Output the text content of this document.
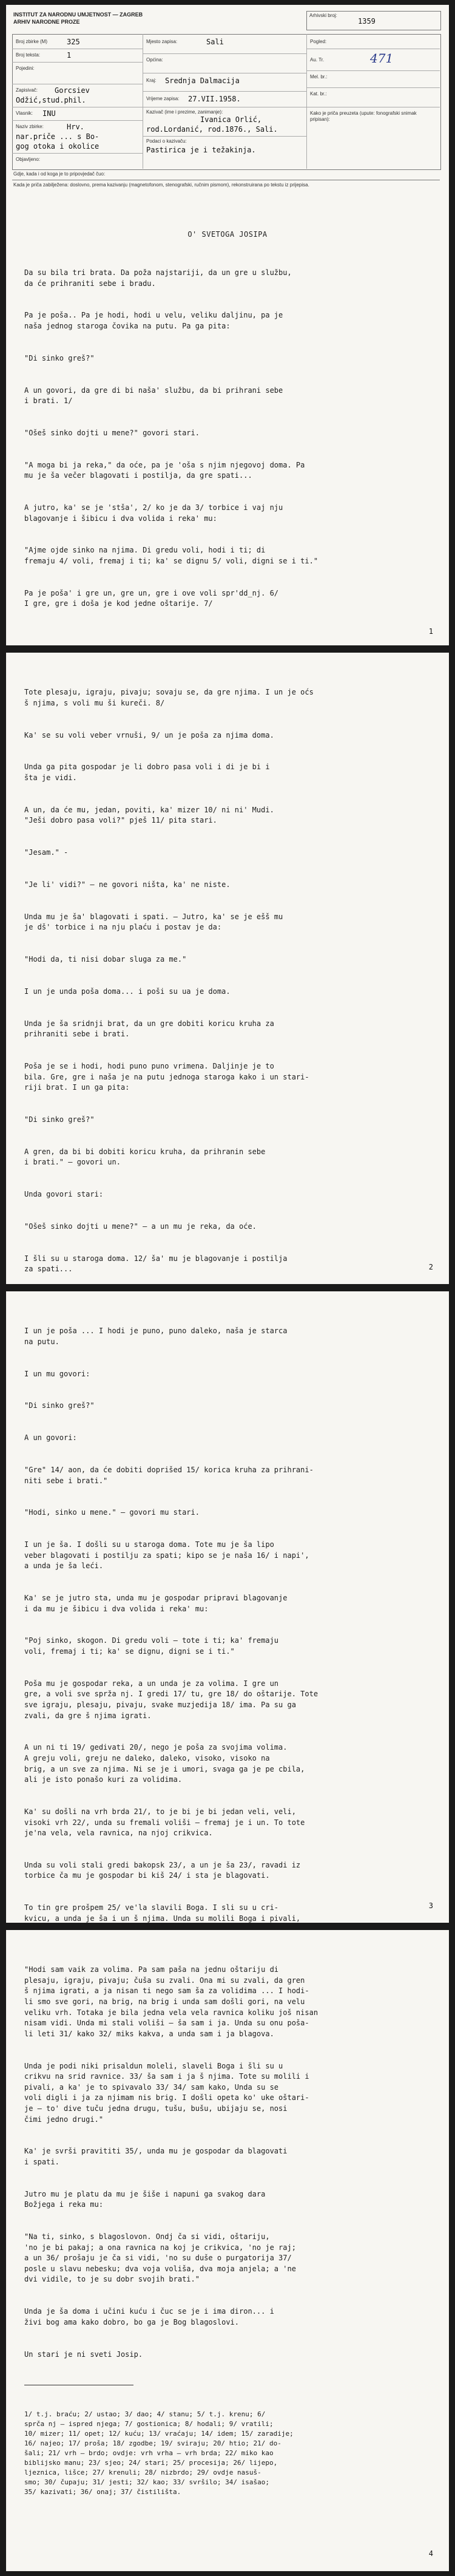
INSTITUT ZA NARODNU UMJETNOST — ZAGREB
ARHIV NARODNE PROZE
Arhivski broj:
1359
Broj zbirke (M)	325
Broj teksta:	1
Pojedini:
Zapisivač: Gorcsiev
Odžić,stud.phil.
Vlasnik: INU
Naziv zbirke:	Hrv.
nar.priče ... s Bo-
gog otoka i okolice
Objavljeno:
Mjesto zapisa:	Sali
Općina:
Kraj: Srednja Dalmacija
Vrijeme zapisa: 27.VII.1958.
Kazivač (ime i prezime, zanimanje):
Ivanica Orlić,
rod.Lordanić, rod.1876., Sali.
Podaci o kazivaču:
Pastirica je i težakinja.
Pogled:
Au. Tr.	471
Mel. br.:
Kat. br.:
Kako je priča preuzeta (upute: fonografski snimak pripisan):
Gdje, kada i od koga je to pripovjedač čuo:
Kada je priča zabilježena: doslovno, prema kazivanju (magnetofonom, stenografski, ručnim pismom), rekonstruirana po tekstu iz prijepisa.

O' SVETOGA JOSIPA

Da su bila tri brata. Da poža najstariji, da un gre u službu,
da će prihraniti sebe i bradu.

Pa je poša.. Pa je hodi, hodi u velu, veliku daljinu, pa je
naša jednog staroga čovika na putu. Pa ga pita:

"Di sinko greš?"

A un govori, da gre di bi naša' službu, da bi prihrani sebe
i brati. 1/

"Ošeš sinko dojti u mene?" govori stari.

"A moga bi ja reka," da oće, pa je 'oša s njim njegovoj doma. Pa
mu je ša večer blagovati i postilja, da gre spati...

A jutro, ka' se je 'stša', 2/ ko je da 3/ torbice i vaj nju
blagovanje i šibicu i dva volida i reka' mu:

"Ajme ojde sinko na njima. Di gredu voli, hodi i ti; di
fremaju 4/ voli, fremaj i ti; ka' se dignu 5/ voli, digni se i ti."

Pa je poša' i gre un, gre un, gre i ove voli spr'dd_nj. 6/
I gre, gre i doša je kod jedne oštarije. 7/

1

Tote plesaju, igraju, pivaju; sovaju se, da gre njima. I un je oćs
š njima, s voli mu ši kureči. 8/

Ka' se su voli veber vrnuši, 9/ un je poša za njima doma.

Unda ga pita gospodar je li dobro pasa voli i di je bi i
šta je vidi.

A un, da će mu, jedan, poviti, ka' mizer 10/ ni ni' Mudi.
"Ješi dobro pasa voli?" pješ 11/ pita stari.

"Jesam." -

"Je li' vidi?" — ne govori ništa, ka' ne niste.

Unda mu je ša' blagovati i spati. — Jutro, ka' se je ešš mu
je dš' torbice i na nju plaću i postav je da:

"Hodi da, ti nisi dobar sluga za me."

I un je unda poša doma... i poši su ua je doma.

Unda je ša sridnji brat, da un gre dobiti koricu kruha za
prihraniti sebe i brati.

Poša je se i hodi, hodi puno puno vrimena. Daljinje je to
bila. Gre, gre i naša je na putu jednoga staroga kako i un stari-
riji brat. I un ga pita:

"Di sinko greš?"

A gren, da bi bi dobiti koricu kruha, da prihranin sebe
i brati." — govori un.

Unda govori stari:

"Ošeš sinko dojti u mene?" — a un mu je reka, da oće.

I šli su u staroga doma. 12/ ša' mu je blagovanje i postilja
za spati...

	2

I un je poša ... I hodi je puno, puno daleko, naša je starca
na putu.

I un mu govori:

"Di sinko greš?"

A un govori:

"Gre" 14/ aon, da će dobiti doprišed 15/ korica kruha za prihrani-
niti sebe i brati."

"Hodi, sinko u mene." — govori mu stari.

I un je ša. I došli su u staroga doma. Tote mu je ša lipo
veber blagovati i postilju za spati; kipo se je naša 16/ i napi',
a unda je ša leći.

Ka' se je jutro sta, unda mu je gospodar pripravi blagovanje
i da mu je šibicu i dva volida i reka' mu:

"Poj sinko, skogon. Di gredu voli — tote i ti; ka' fremaju
voli, fremaj i ti; ka' se dignu, digni se i ti."

Poša mu je gospodar reka, a un unda je za volima. I gre un
gre, a voli sve sprža nj. I gredi 17/ tu, gre 18/ do oštarije. Tote
sve igraju, plesaju, pivaju, svake muzjedija 18/ ima. Pa su ga
zvali, da gre š njima igrati.

A un ni ti 19/ gedivati 20/, nego je poša za svojima volima.
A greju voli, greju ne daleko, daleko, visoko, visoko na
brig, a un sve za njima. Ni se je i umori, svaga ga je pe cbila,
ali je isto ponašo kuri za volidima.

Ka' su došli na vrh brda 21/, to je bi je bi jedan veli, veli,
visoki vrh 22/, unda su fremali voliši — fremaj je i un. To tote
je'na vela, vela ravnica, na njoj crikvica.

Unda su voli stali gredi bakopsk 23/, a un je ša 23/, ravadi iz
torbice ča mu je gospodar bi kiš 24/ i sta je blagovati.

To tin gre prošpem 25/ ve'la slavili Boga. I sli su u cri-
kvicu, a unda je ša i un š njima. Unda su molili Boga i pivali,

3

"Hodi sam vaik za volima. Pa sam paša na jednu oštariju di
plesaju, igraju, pivaju; čuša su zvali. Ona mi su zvali, da gren
š njima igrati, a ja nisan ti nego sam ša za volidima ... I hodi-
li smo sve gori, na brig, na brig i unda sam došli gori, na velu
veliku vrh. Totaka je bila jedna vela vela ravnica koliku još nisan
nisam vidi. Unda mi stali voliši — ša sam i ja. Unda su onu poša-
li leti 31/ kako 32/ miks kakva, a unda sam i ja blagova.

Unda je podi niki prisaldun moleli, slaveli Boga i šli su u
crikvu na srid ravnice. 33/ ša sam i ja š njima. Tote su molili i
pivali, a ka' je to spivavalo 33/ 34/ sam kako, Unda su se
voli digli i ja za njimam nis brig. I došli opeta ko' uke oštari-
je — to' dive tuču jedna drugu, tušu, bušu, ubijaju se, nosi
čimi jedno drugi."

Ka' je svrši pravititi 35/, unda mu je gospodar da blagovati
i spati.

Jutro mu je platu da mu je šiše i napuni ga svakog dara
Božjega i reka mu:

"Na ti, sinko, s blagoslovon. Ondj ča si vidi, oštariju,
'no je bi pakaj; a ona ravnica na koj je crikvica, 'no je raj;
a un 36/ prošaju je ča si vidi, 'no su duše o purgatorija 37/
posle u slavu nebesku; dva voja voliša, dva moja anjela; a 'ne
dvi vidile, to je su dobr svojih brati."

Unda je ša doma i učini kuću i čuc se je i ima diron... i
živi bog ama kako dobro, bo ga je Bog blagoslovi.

Un stari je ni sveti Josip.

1/ t.j. braću; 2/ ustao; 3/ dao; 4/ stanu; 5/ t.j. krenu; 6/
sprča nj — ispred njega; 7/ gostionica; 8/ hodali; 9/ vratili;
10/ mizer; 11/ opet; 12/ kuću; 13/ vraćaju; 14/ idem; 15/ zaradije;
16/ najeo; 17/ proša; 18/ zgodbe; 19/ sviraju; 20/ htio; 21/ do-
šali; 21/ vrh — brdo; ovdje: vrh vrha — vrh brda; 22/ miko kao
biblijsko manu; 23/ sjeo; 24/ stari; 25/ procesija; 26/ lijepo,
ljeznica, lišce; 27/ krenuli; 28/ nizbrdo; 29/ ovdje nasuš-
smo; 30/ čupaju; 31/ jesti; 32/ kao; 33/ svršilo; 34/ isašao;
35/ kazivati; 36/ onaj; 37/ čistilišta.

4
